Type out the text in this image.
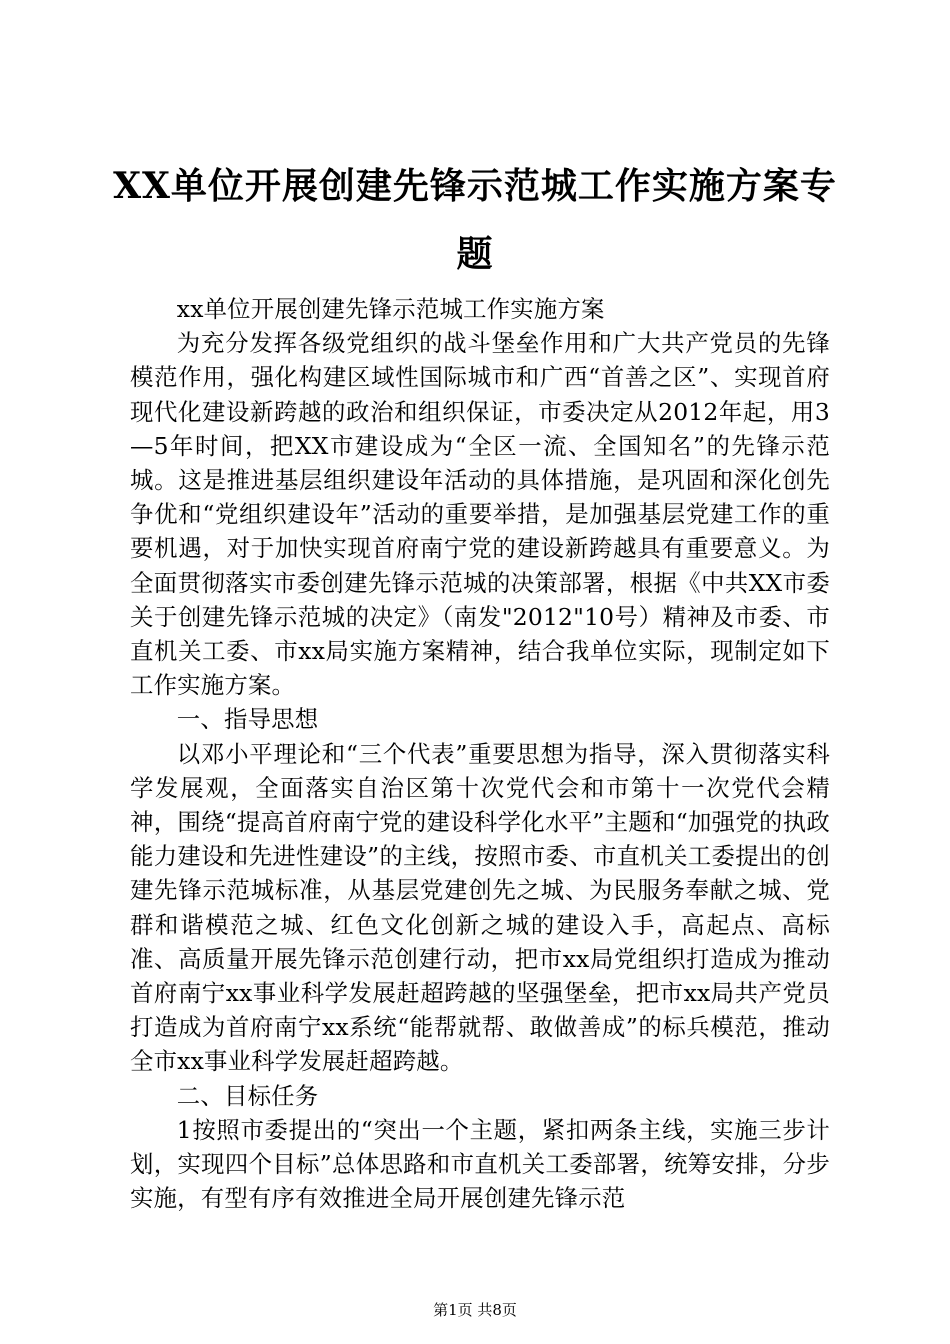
XX单位开展创建先锋示范城工作实施方案专题

xx单位开展创建先锋示范城工作实施方案

为充分发挥各级党组织的战斗堡垒作用和广大共产党员的先锋模范作用，强化构建区域性国际城市和广西“首善之区”、实现首府现代化建设新跨越的政治和组织保证，市委决定从2012年起，用3—5年时间，把XX市建设成为“全区一流、全国知名”的先锋示范城。这是推进基层组织建设年活动的具体措施，是巩固和深化创先争优和“党组织建设年”活动的重要举措，是加强基层党建工作的重要机遇，对于加快实现首府南宁党的建设新跨越具有重要意义。为全面贯彻落实市委创建先锋示范城的决策部署，根据《中共XX市委关于创建先锋示范城的决定》（南发"2012"10号）精神及市委、市直机关工委、市xx局实施方案精神，结合我单位实际，现制定如下工作实施方案。

一、指导思想

以邓小平理论和“三个代表”重要思想为指导，深入贯彻落实科学发展观，全面落实自治区第十次党代会和市第十一次党代会精神，围绕“提高首府南宁党的建设科学化水平”主题和“加强党的执政能力建设和先进性建设”的主线，按照市委、市直机关工委提出的创建先锋示范城标准，从基层党建创先之城、为民服务奉献之城、党群和谐模范之城、红色文化创新之城的建设入手，高起点、高标准、高质量开展先锋示范创建行动，把市xx局党组织打造成为推动首府南宁xx事业科学发展赶超跨越的坚强堡垒，把市xx局共产党员打造成为首府南宁xx系统“能帮就帮、敢做善成”的标兵模范，推动全市xx事业科学发展赶超跨越。

二、目标任务

1按照市委提出的“突出一个主题，紧扣两条主线，实施三步计划，实现四个目标”总体思路和市直机关工委部署，统筹安排，分步实施，有型有序有效推进全局开展创建先锋示范

第1页 共8页
